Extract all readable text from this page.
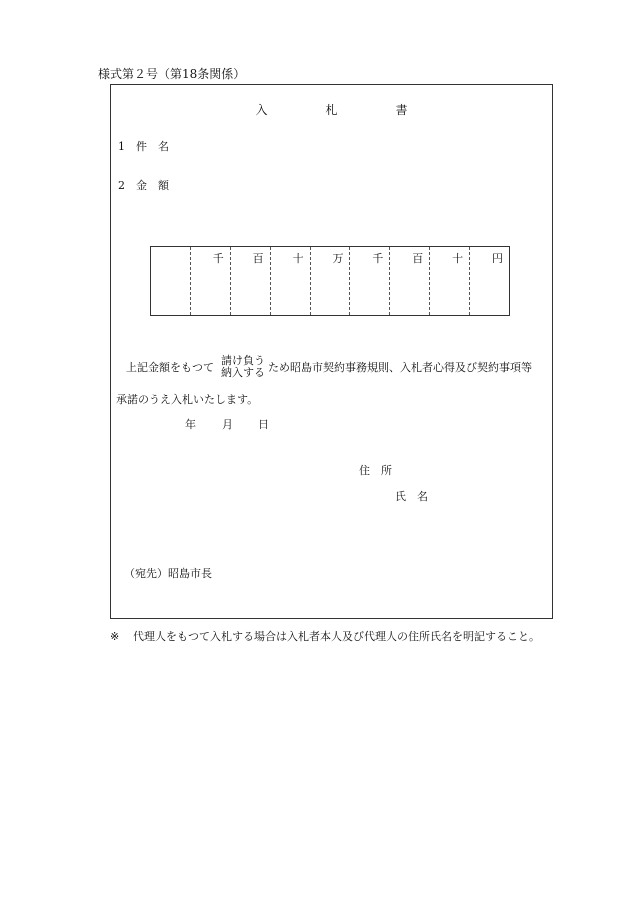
様式第２号（第18条関係）
入	札	書
1 件　名
2 金　額
千	百	十	万	千	百	十	円
上記金額をもつて
請け負う
納入する ため昭島市契約事務規則、入札者心得及び契約事項等
承諾のうえ入札いたします。
年 月 日
住　所
氏　名
（宛先）昭島市長
※ 代理人をもつて入札する場合は入札者本人及び代理人の住所氏名を明記すること。
